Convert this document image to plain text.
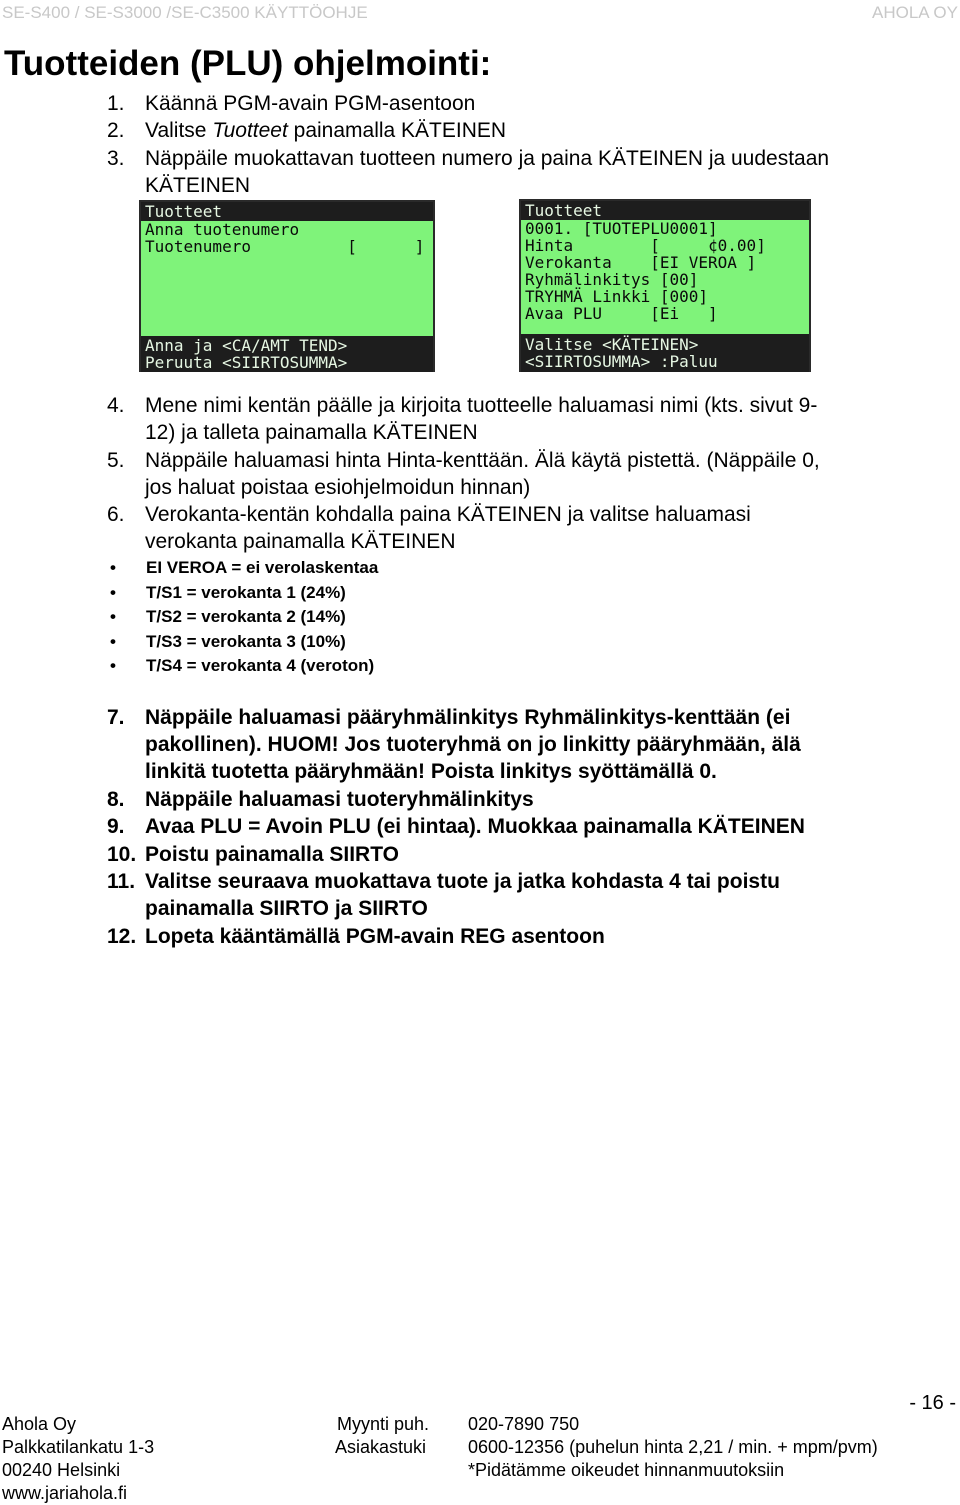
SE-S400 / SE-S3000 /SE-C3500 KÄYTTÖOHJE	AHOLA OY
Tuotteiden (PLU) ohjelmointi:
1. Käännä PGM-avain PGM-asentoon
2. Valitse Tuotteet painamalla KÄTEINEN
3. Näppäile muokattavan tuotteen numero ja paina KÄTEINEN ja uudestaan
KÄTEINEN
Tuotteet
Anna tuotenumero
Tuotenumero          [      ]
Anna ja <CA/AMT TEND>
Peruuta <SIIRTOSUMMA>
Tuotteet
0001. [TUOTEPLU0001]
Hinta        [     ¢0.00]
Verokanta    [EI VEROA ]
Ryhmälinkitys [00]
TRYHMÄ Linkki [000]
Avaa PLU     [Ei   ]
Valitse <KÄTEINEN>
<SIIRTOSUMMA> :Paluu
4. Mene nimi kentän päälle ja kirjoita tuotteelle haluamasi nimi (kts. sivut 9-
12) ja talleta painamalla KÄTEINEN
5. Näppäile haluamasi hinta Hinta-kenttään. Älä käytä pistettä. (Näppäile 0,
jos haluat poistaa esiohjelmoidun hinnan)
6. Verokanta-kentän kohdalla paina KÄTEINEN ja valitse haluamasi
verokanta painamalla KÄTEINEN
• EI VEROA = ei verolaskentaa
• T/S1 = verokanta 1 (24%)
• T/S2 = verokanta 2 (14%)
• T/S3 = verokanta 3 (10%)
• T/S4 = verokanta 4 (veroton)
7. Näppäile haluamasi pääryhmälinkitys Ryhmälinkitys-kenttään (ei
pakollinen). HUOM! Jos tuoteryhmä on jo linkitty pääryhmään, älä
linkitä tuotetta pääryhmään! Poista linkitys syöttämällä 0.
8. Näppäile haluamasi tuoteryhmälinkitys
9. Avaa PLU = Avoin PLU (ei hintaa). Muokkaa painamalla KÄTEINEN
10. Poistu painamalla SIIRTO
11. Valitse seuraava muokattava tuote ja jatka kohdasta 4 tai poistu
painamalla SIIRTO ja SIIRTO
12. Lopeta kääntämällä PGM-avain REG asentoon
- 16 -
Ahola Oy
Palkkatilankatu 1-3
00240 Helsinki
www.jariahola.fi
Myynti puh. 020-7890 750
Asiakastuki 0600-12356 (puhelun hinta 2,21 / min. + mpm/pvm)
*Pidätämme oikeudet hinnanmuutoksiin
